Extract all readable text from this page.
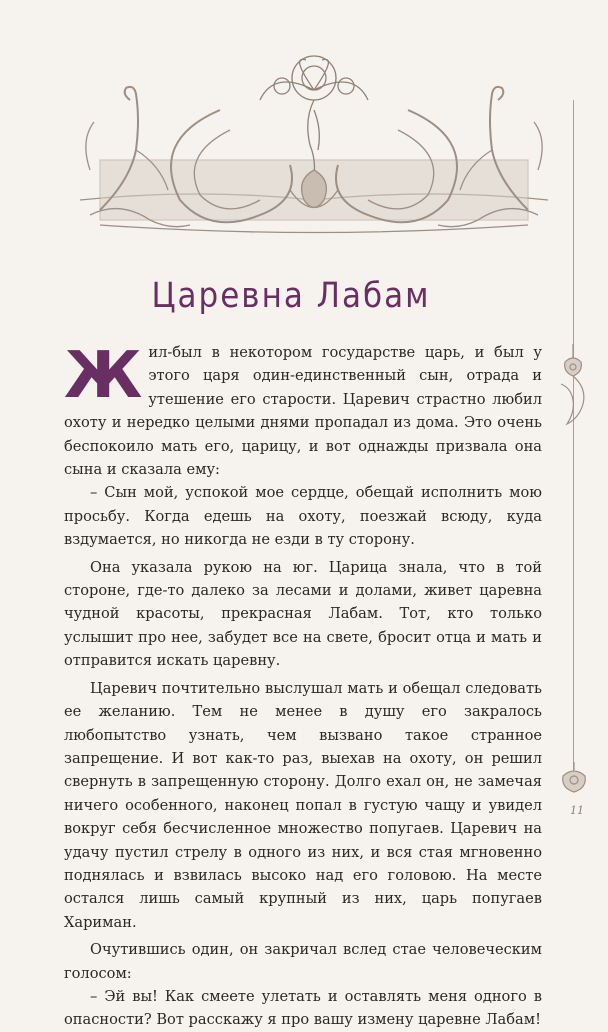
Царевна Лабам

Жил-был в некотором государстве царь, и был у этого царя один-единственный сын, отрада и утешение его старости. Царевич страстно любил охоту и нередко целыми днями пропадал из дома. Это очень беспокоило мать его, царицу, и вот однажды призвала она сына и сказала ему:

– Сын мой, успокой мое сердце, обещай исполнить мою просьбу. Когда едешь на охоту, поезжай всюду, куда вздумается, но никогда не езди в ту сторону.

Она указала рукою на юг. Царица знала, что в той стороне, где-то далеко за лесами и долами, живет царевна чудной красоты, прекрасная Лабам. Тот, кто только услышит про нее, забудет все на свете, бросит отца и мать и отправится искать царевну.

Царевич почтительно выслушал мать и обещал следовать ее желанию. Тем не менее в душу его закралось любопытство узнать, чем вызвано такое странное запрещение. И вот как-то раз, выехав на охоту, он решил свернуть в запрещенную сторону. Долго ехал он, не замечая ничего особенного, наконец попал в густую чащу и увидел вокруг себя бесчисленное множество попугаев. Царевич на удачу пустил стрелу в одного из них, и вся стая мгновенно поднялась и взвилась высоко над его головою. На месте остался лишь самый крупный из них, царь попугаев Хариман.

Очутившись один, он закричал вслед стае человеческим голосом:

– Эй вы! Как смеете улетать и оставлять меня одного в опасности? Вот расскажу я про вашу измену царевне Лабам!

11
